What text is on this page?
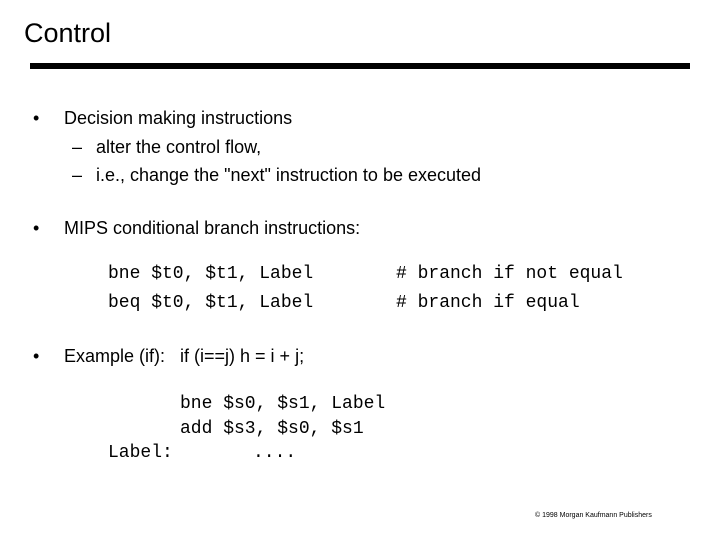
Control
• Decision making instructions
– alter the control flow,
– i.e., change the "next" instruction to be executed
• MIPS conditional branch instructions:
bne $t0, $t1, Label	# branch if not equal
beq $t0, $t1, Label	# branch if equal
• Example (if):   if (i==j) h = i + j;
bne $s0, $s1, Label
add $s3, $s0, $s1
Label:	....
© 1998 Morgan Kaufmann Publishers
